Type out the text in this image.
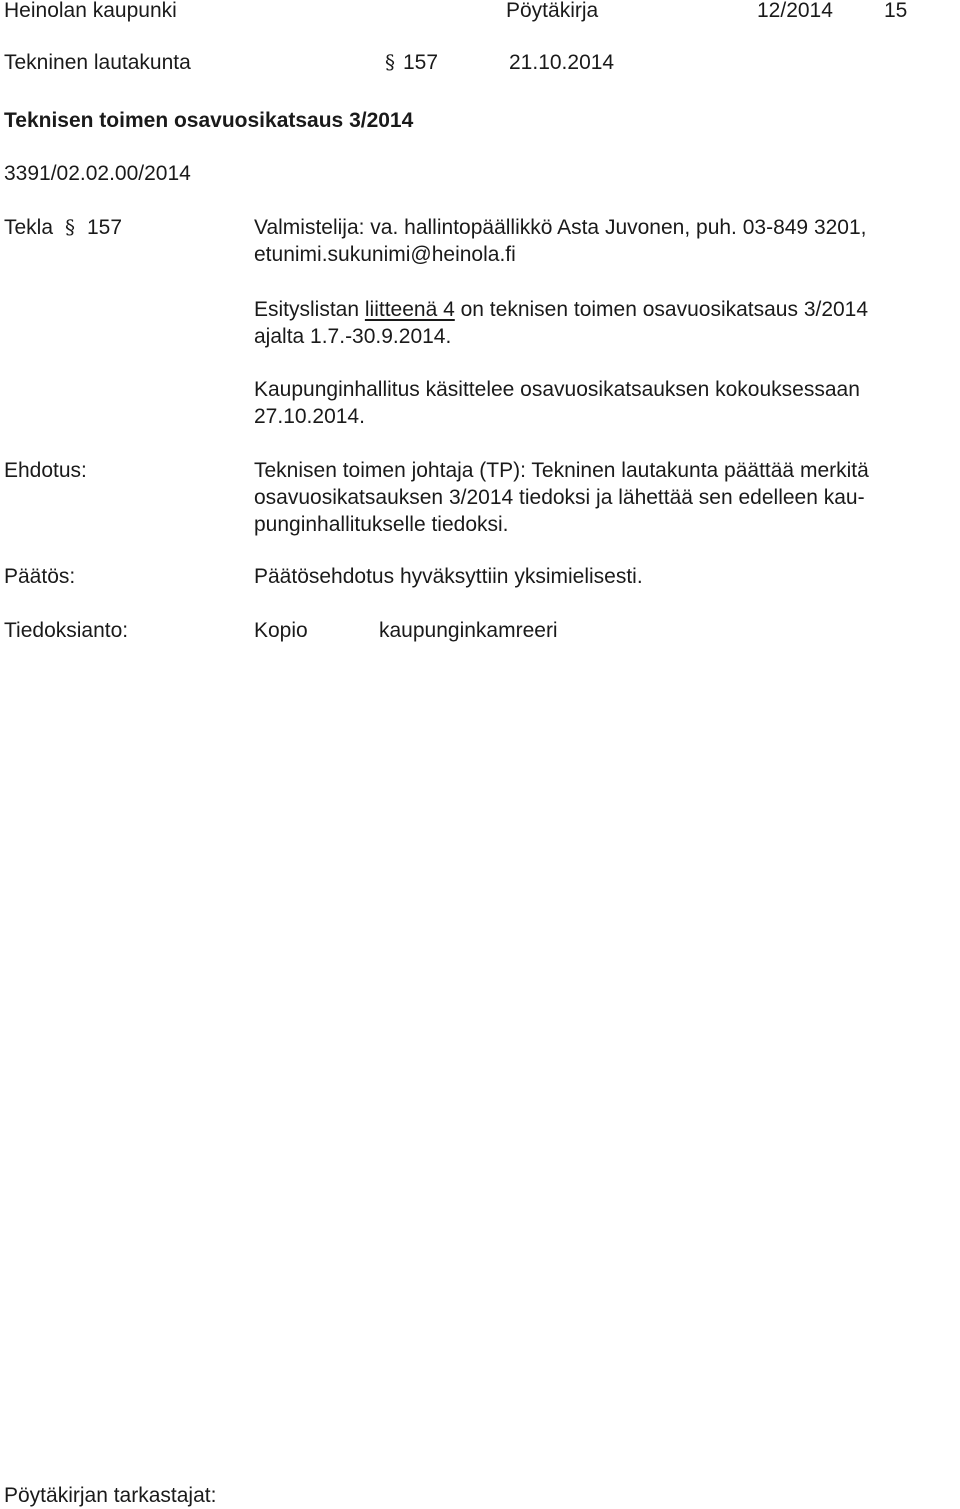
Heinolan kaupunki	Pöytäkirja	12/2014 15
Tekninen lautakunta	§ 157	21.10.2014
Teknisen toimen osavuosikatsaus 3/2014
3391/02.02.00/2014
Tekla § 157	Valmistelija: va. hallintopäällikkö Asta Juvonen, puh. 03-849 3201,
etunimi.sukunimi@heinola.fi
Esityslistan liitteenä 4 on teknisen toimen osavuosikatsaus 3/2014
ajalta 1.7.-30.9.2014.
Kaupunginhallitus käsittelee osavuosikatsauksen kokouksessaan
27.10.2014.
Ehdotus:	Teknisen toimen johtaja (TP): Tekninen lautakunta päättää merkitä
osavuosikatsauksen 3/2014 tiedoksi ja lähettää sen edelleen kau-
punginhallitukselle tiedoksi.
Päätös:	Päätösehdotus hyväksyttiin yksimielisesti.
Tiedoksianto:	Kopio	kaupunginkamreeri
Pöytäkirjan tarkastajat:
